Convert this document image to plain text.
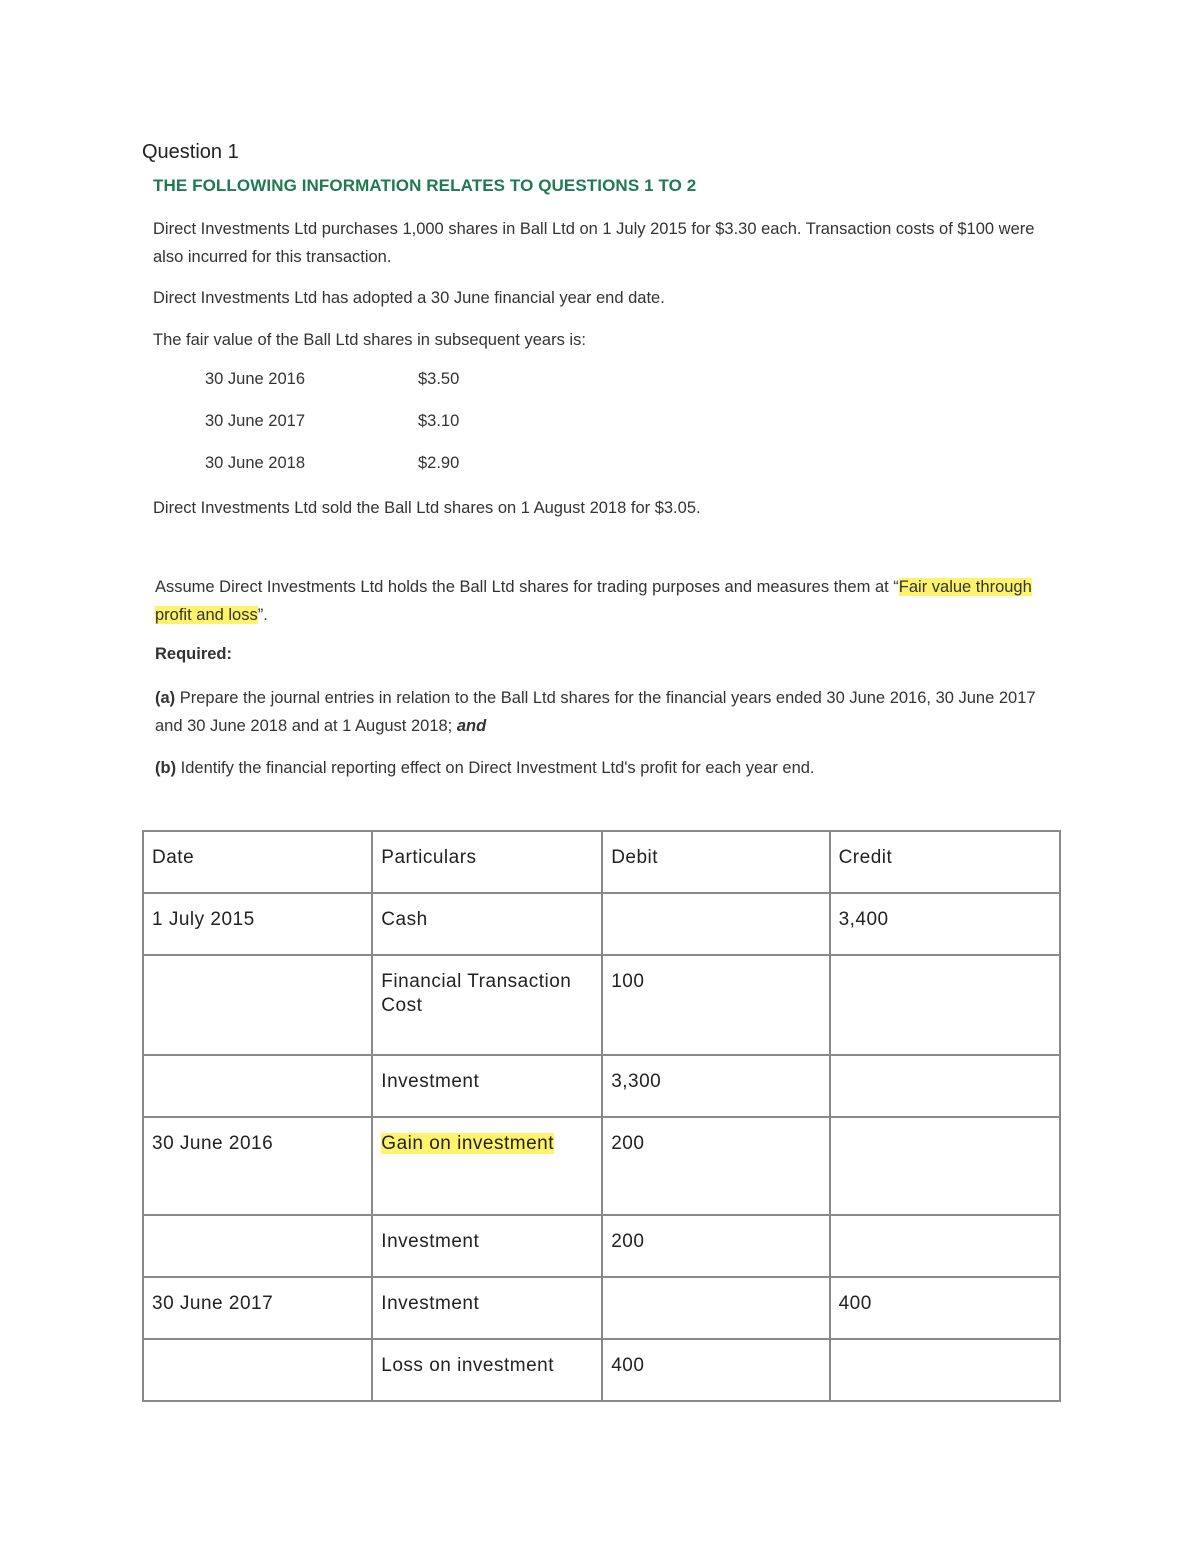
Question 1
THE FOLLOWING INFORMATION RELATES TO QUESTIONS 1 TO 2
Direct Investments Ltd purchases 1,000 shares in Ball Ltd on 1 July 2015 for $3.30 each. Transaction costs of $100 were also incurred for this transaction.
Direct Investments Ltd has adopted a 30 June financial year end date.
The fair value of the Ball Ltd shares in subsequent years is:
30 June 2016	$3.50
30 June 2017	$3.10
30 June 2018	$2.90
Direct Investments Ltd sold the Ball Ltd shares on 1 August 2018 for $3.05.
Assume Direct Investments Ltd holds the Ball Ltd shares for trading purposes and measures them at “Fair value through profit and loss”.
Required:
(a) Prepare the journal entries in relation to the Ball Ltd shares for the financial years ended 30 June 2016, 30 June 2017 and 30 June 2018 and at 1 August 2018; and
(b) Identify the financial reporting effect on Direct Investment Ltd's profit for each year end.
Date	Particulars	Debit	Credit
1 July 2015	Cash		3,400
	Financial Transaction Cost	100	
	Investment	3,300	
30 June 2016	Gain on investment	200	
	Investment	200	
30 June 2017	Investment		400
	Loss on investment	400	
